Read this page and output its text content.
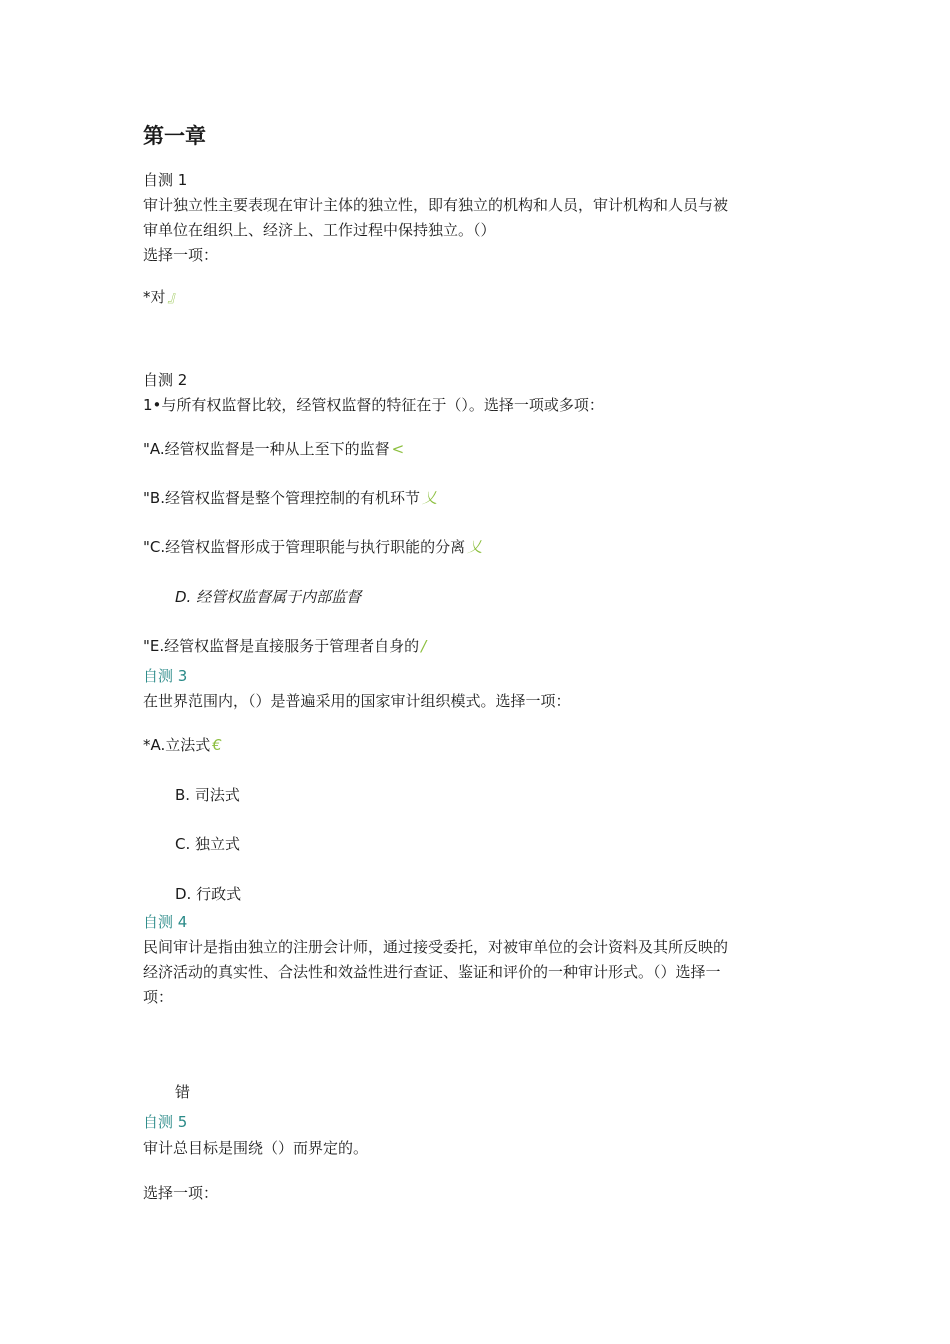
第一章
自测 1
审计独立性主要表现在审计主体的独立性，即有独立的机构和人员，审计机构和人员与被
审单位在组织上、经济上、工作过程中保持独立。（）
选择一项：
*对 』
自测 2
1•与所有权监督比较，经管权监督的特征在于（）。选择一项或多项：
"A.经管权监督是一种从上至下的监督 <
"B.经管权监督是整个管理控制的有机环节 乂
"C.经管权监督形成于管理职能与执行职能的分离 乂
D. 经管权监督属于内部监督
"E.经管权监督是直接服务于管理者自身的 /
自测 3
在世界范围内，（）是普遍采用的国家审计组织模式。选择一项：
*A.立法式 €
B. 司法式
C. 独立式
D. 行政式
自测 4
民间审计是指由独立的注册会计师，通过接受委托，对被审单位的会计资料及其所反映的
经济活动的真实性、合法性和效益性进行查证、鉴证和评价的一种审计形式。（）选择一
项：
错
自测 5
审计总目标是围绕（）而界定的。
选择一项：
